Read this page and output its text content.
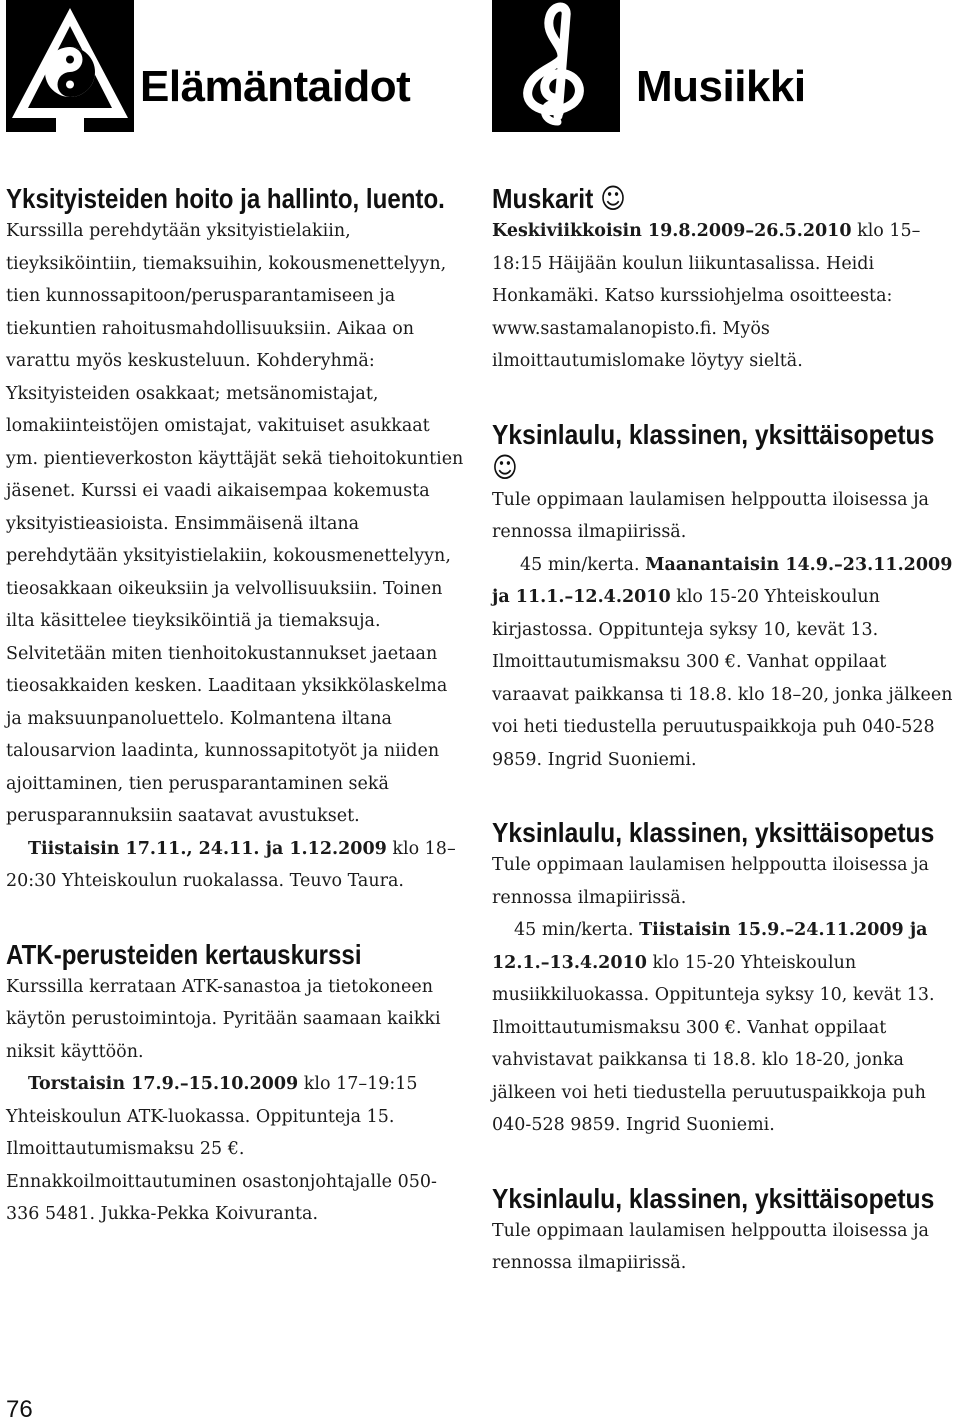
Elämäntaidot
Yksityisteiden hoito ja hallinto, luento.

Kurssilla perehdytään yksityistielakiin, tieyksiköintiin, tiemaksuihin, kokousmenettelyyn, tien kunnossapitoon/perusparantamiseen ja tiekuntien rahoitusmahdollisuuksiin. Aikaa on varattu myös keskusteluun. Kohderyhmä: Yksityisteiden osakkaat; metsänomistajat, lomakiinteistöjen omistajat, vakituiset asukkaat ym. pientieverkoston käyttäjät sekä tiehoitokuntien jäsenet. Kurssi ei vaadi aikaisempaa kokemusta yksityistieasioista. Ensimmäisenä iltana perehdytään yksityistielakiin, kokousmenettelyyn, tieosakkaan oikeuksiin ja velvollisuuksiin. Toinen ilta käsittelee tieyksiköintiä ja tiemaksuja. Selvitetään miten tienhoitokustannukset jaetaan tieosakkaiden kesken. Laaditaan yksikkölaskelma ja maksuunpanoluettelo. Kolmantena iltana talousarvion laadinta, kunnossapitotyöt ja niiden ajoittaminen, tien perusparantaminen sekä perusparannuksiin saatavat avustukset.
Tiistaisin 17.11., 24.11. ja 1.12.2009 klo 18–20:30 Yhteiskoulun ruokalassa. Teuvo Taura.

ATK-perusteiden kertauskurssi

Kurssilla kerrataan ATK-sanastoa ja tietokoneen käytön perustoimintoja. Pyritään saamaan kaikki niksit käyttöön.
Torstaisin 17.9.–15.10.2009 klo 17–19:15 Yhteiskoulun ATK-luokassa. Oppitunteja 15. Ilmoittautumismaksu 25 €. Ennakkoilmoittautuminen osastonjohtajalle 050-336 5481. Jukka-Pekka Koivuranta.

Musiikki
Muskarit ☺

Keskiviikkoisin 19.8.2009–26.5.2010 klo 15–18:15 Häijään koulun liikuntasalissa. Heidi Honkamäki. Katso kurssiohjelma osoitteesta: www.sastamalanopisto.fi. Myös ilmoittautumislomake löytyy sieltä.

Yksinlaulu, klassinen, yksittäisopetus ☺

Tule oppimaan laulamisen helppoutta iloisessa ja rennossa ilmapiirissä.
45 min/kerta. Maanantaisin 14.9.–23.11.2009 ja 11.1.–12.4.2010 klo 15-20 Yhteiskoulun kirjastossa. Oppitunteja syksy 10, kevät 13. Ilmoittautumismaksu 300 €. Vanhat oppilaat varaavat paikkansa ti 18.8. klo 18–20, jonka jälkeen voi heti tiedustella peruutuspaikkoja puh 040-528 9859. Ingrid Suoniemi.

Yksinlaulu, klassinen, yksittäisopetus

Tule oppimaan laulamisen helppoutta iloisessa ja rennossa ilmapiirissä.
45 min/kerta. Tiistaisin 15.9.–24.11.2009 ja 12.1.–13.4.2010 klo 15-20 Yhteiskoulun musiikkiluokassa. Oppitunteja syksy 10, kevät 13. Ilmoittautumismaksu 300 €. Vanhat oppilaat vahvistavat paikkansa ti 18.8. klo 18-20, jonka jälkeen voi heti tiedustella peruutuspaikkoja puh 040-528 9859. Ingrid Suoniemi.

Yksinlaulu, klassinen, yksittäisopetus

Tule oppimaan laulamisen helppoutta iloisessa ja rennossa ilmapiirissä.

76
